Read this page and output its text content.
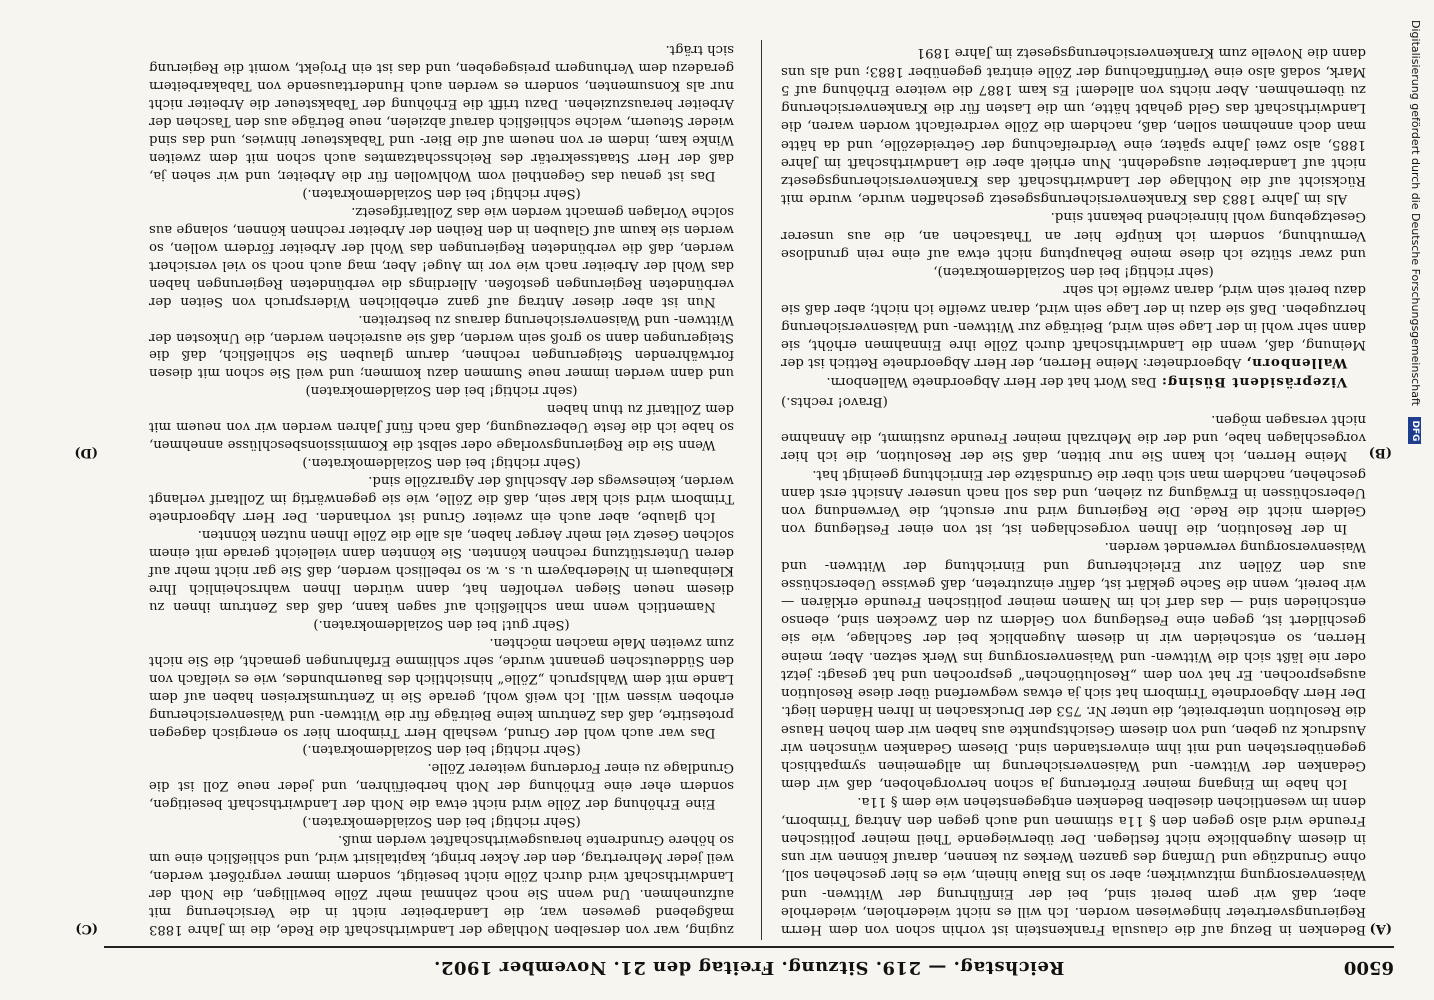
6500
Reichstag. — 219. Sitzung. Freitag den 21. November 1902.
(A)
(B)
(C)
(D)

Bedenken in Bezug auf die clausula Frankenstein ist vorhin schon von dem Herrn Regierungsvertreter hingewiesen worden. Ich will es nicht wiederholen, wiederhole aber, daß wir gern bereit sind, bei der Einführung der Wittwen- und Waisenversorgung mitzuwirken; aber so ins Blaue hinein, wie es hier geschehen soll, ohne Grundzüge und Umfang des ganzen Werkes zu kennen, darauf können wir uns in diesem Augenblicke nicht festlegen. Der überwiegende Theil meiner politischen Freunde wird also gegen den § 11a stimmen und auch gegen den Antrag Trimborn, denn im wesentlichen dieselben Bedenken entgegenstehen wie dem § 11a.

Ich habe im Eingang meiner Erörterung ja schon hervorgehoben, daß wir dem Gedanken der Wittwen- und Waisenversicherung im allgemeinen sympathisch gegenüberstehen und mit ihm einverstanden sind. Diesem Gedanken wünschen wir Ausdruck zu geben, und von diesem Gesichtspunkte aus haben wir dem hohen Hause die Resolution unterbreitet, die unter Nr. 753 der Drucksachen in Ihren Händen liegt. Der Herr Abgeordnete Trimborn hat sich ja etwas wegwerfend über diese Resolution ausgesprochen. Er hat von dem „Resolutiönchen“ gesprochen und hat gesagt: jetzt oder nie läßt sich die Wittwen- und Waisenversorgung ins Werk setzen. Aber, meine Herren, so entscheiden wir in diesem Augenblick bei der Sachlage, wie sie geschildert ist, gegen eine Festlegung von Geldern zu den Zwecken sind, ebenso entschieden sind — das darf ich im Namen meiner politischen Freunde erklären — wir bereit, wenn die Sache geklärt ist, dafür einzutreten, daß gewisse Ueberschüsse aus den Zöllen zur Erleichterung und Einrichtung der Wittwen- und Waisenversorgung verwendet werden.

In der Resolution, die Ihnen vorgeschlagen ist, ist von einer Festlegung von Geldern nicht die Rede. Die Regierung wird nur ersucht, die Verwendung von Ueberschüssen in Erwägung zu ziehen, und das soll nach unserer Ansicht erst dann geschehen, nachdem man sich über die Grundsätze der Einrichtung geeinigt hat.

Meine Herren, ich kann Sie nur bitten, daß Sie der Resolution, die ich hier vorgeschlagen habe, und der die Mehrzahl meiner Freunde zustimmt, die Annahme nicht versagen mögen.

(Bravo! rechts.)

Vizepräsident Büsing: Das Wort hat der Herr Abgeordnete Wallenborn.

Wallenborn, Abgeordneter: Meine Herren, der Herr Abgeordnete Rettich ist der Meinung, daß, wenn die Landwirthschaft durch Zölle ihre Einnahmen erhöht, sie dann sehr wohl in der Lage sein wird, Beiträge zur Wittwen- und Waisenversicherung herzugeben. Daß sie dazu in der Lage sein wird, daran zweifle ich nicht; aber daß sie dazu bereit sein wird, daran zweifle ich sehr

(sehr richtig! bei den Sozialdemokraten),

und zwar stütze ich diese meine Behauptung nicht etwa auf eine rein grundlose Vermuthung, sondern ich knüpfe hier an Thatsachen an, die aus unserer Gesetzgebung wohl hinreichend bekannt sind.

Als im Jahre 1883 das Krankenversicherungsgesetz geschaffen wurde, wurde mit Rücksicht auf die Nothlage der Landwirthschaft das Krankenversicherungsgesetz nicht auf Landarbeiter ausgedehnt. Nun erhielt aber die Landwirthschaft im Jahre 1885, also zwei Jahre später, eine Verdreifachung der Getreidezölle, und da hätte man doch annehmen sollen, daß, nachdem die Zölle verdreifacht worden waren, die Landwirthschaft das Geld gehabt hätte, um die Lasten für die Krankenversicherung zu übernehmen. Aber nichts von alledem! Es kam 1887 die weitere Erhöhung auf 5 Mark, sodaß also eine Verfünffachung der Zölle eintrat gegenüber 1883; und als uns dann die Novelle zum Krankenversicherungsgesetz im Jahre 1891

zuging, war von derselben Nothlage der Landwirthschaft die Rede, die im Jahre 1883 maßgebend gewesen war, die Landarbeiter nicht in die Versicherung mit aufzunehmen. Und wenn Sie noch zehnmal mehr Zölle bewilligen, die Noth der Landwirthschaft wird durch Zölle nicht beseitigt, sondern immer vergrößert werden, weil jeder Mehrertrag, den der Acker bringt, kapitalisirt wird, und schließlich eine um so höhere Grundrente herausgewirthschaftet werden muß.

(Sehr richtig! bei den Sozialdemokraten.)

Eine Erhöhung der Zölle wird nicht etwa die Noth der Landwirthschaft beseitigen, sondern eher eine Erhöhung der Noth herbeiführen, und jeder neue Zoll ist die Grundlage zu einer Forderung weiterer Zölle.

(Sehr richtig! bei den Sozialdemokraten.)

Das war auch wohl der Grund, weshalb Herr Trimborn hier so energisch dagegen protestirte, daß das Zentrum keine Beiträge für die Wittwen- und Waisenversicherung erhoben wissen will. Ich weiß wohl, gerade Sie in Zentrumskreisen haben auf dem Lande mit dem Wahlspruch „Zölle“ hinsichtlich des Bauernbundes, wie es vielfach von den Süddeutschen genannt wurde, sehr schlimme Erfahrungen gemacht, die Sie nicht zum zweiten Male machen möchten.

(Sehr gut! bei den Sozialdemokraten.)

Namentlich wenn man schließlich auf sagen kann, daß das Zentrum ihnen zu diesem neuen Siegen verholfen hat, dann würden Ihnen wahrscheinlich Ihre Kleinbauern in Niederbayern u. s. w. so rebellisch werden, daß Sie gar nicht mehr auf deren Unterstützung rechnen könnten. Sie könnten dann vielleicht gerade mit einem solchen Gesetz viel mehr Aerger haben, als alle die Zölle Ihnen nutzen könnten.

Ich glaube, aber auch ein zweiter Grund ist vorhanden. Der Herr Abgeordnete Trimborn wird sich klar sein, daß die Zölle, wie sie gegenwärtig im Zolltarif verlangt werden, keineswegs der Abschluß der Agrarzölle sind.

(Sehr richtig! bei den Sozialdemokraten.)

Wenn Sie die Regierungsvorlage oder selbst die Kommissionsbeschlüsse annehmen, so habe ich die feste Ueberzeugung, daß nach fünf Jahren werden wir von neuem mit dem Zolltarif zu thun haben

(sehr richtig! bei den Sozialdemokraten)

und dann werden immer neue Summen dazu kommen; und weil Sie schon mit diesen fortwährenden Steigerungen rechnen, darum glauben Sie schließlich, daß die Steigerungen dann so groß sein werden, daß sie ausreichen werden, die Unkosten der Wittwen- und Waisenversicherung daraus zu bestreiten.

Nun ist aber dieser Antrag auf ganz erheblichen Widerspruch von Seiten der verbündeten Regierungen gestoßen. Allerdings die verbündeten Regierungen haben das Wohl der Arbeiter nach wie vor im Auge! Aber, mag auch noch so viel versichert werden, daß die verbündeten Regierungen das Wohl der Arbeiter fördern wollen, so werden sie kaum auf Glauben in den Reihen der Arbeiter rechnen können, solange aus solche Vorlagen gemacht werden wie das Zolltarifgesetz.

(Sehr richtig! bei den Sozialdemokraten.)

Das ist genau das Gegentheil vom Wohlwollen für die Arbeiter, und wir sehen ja, daß der Herr Staatssekretär des Reichsschatzamtes auch schon mit dem zweiten Winke kam, indem er von neuem auf die Bier- und Tabaksteuer hinwies, und das sind wieder Steuern, welche schließlich darauf abzielen, neue Beträge aus den Taschen der Arbeiter herauszuziehen. Dazu trifft die Erhöhung der Tabaksteuer die Arbeiter nicht nur als Konsumenten, sondern es werden auch Hunderttausende von Tabakarbeitern geradezu dem Verhungern preisgegeben, und das ist ein Projekt, womit die Regierung sich trägt.	Digitalisierung gefördert durch die Deutsche Forschungsgemeinschaft DFG
